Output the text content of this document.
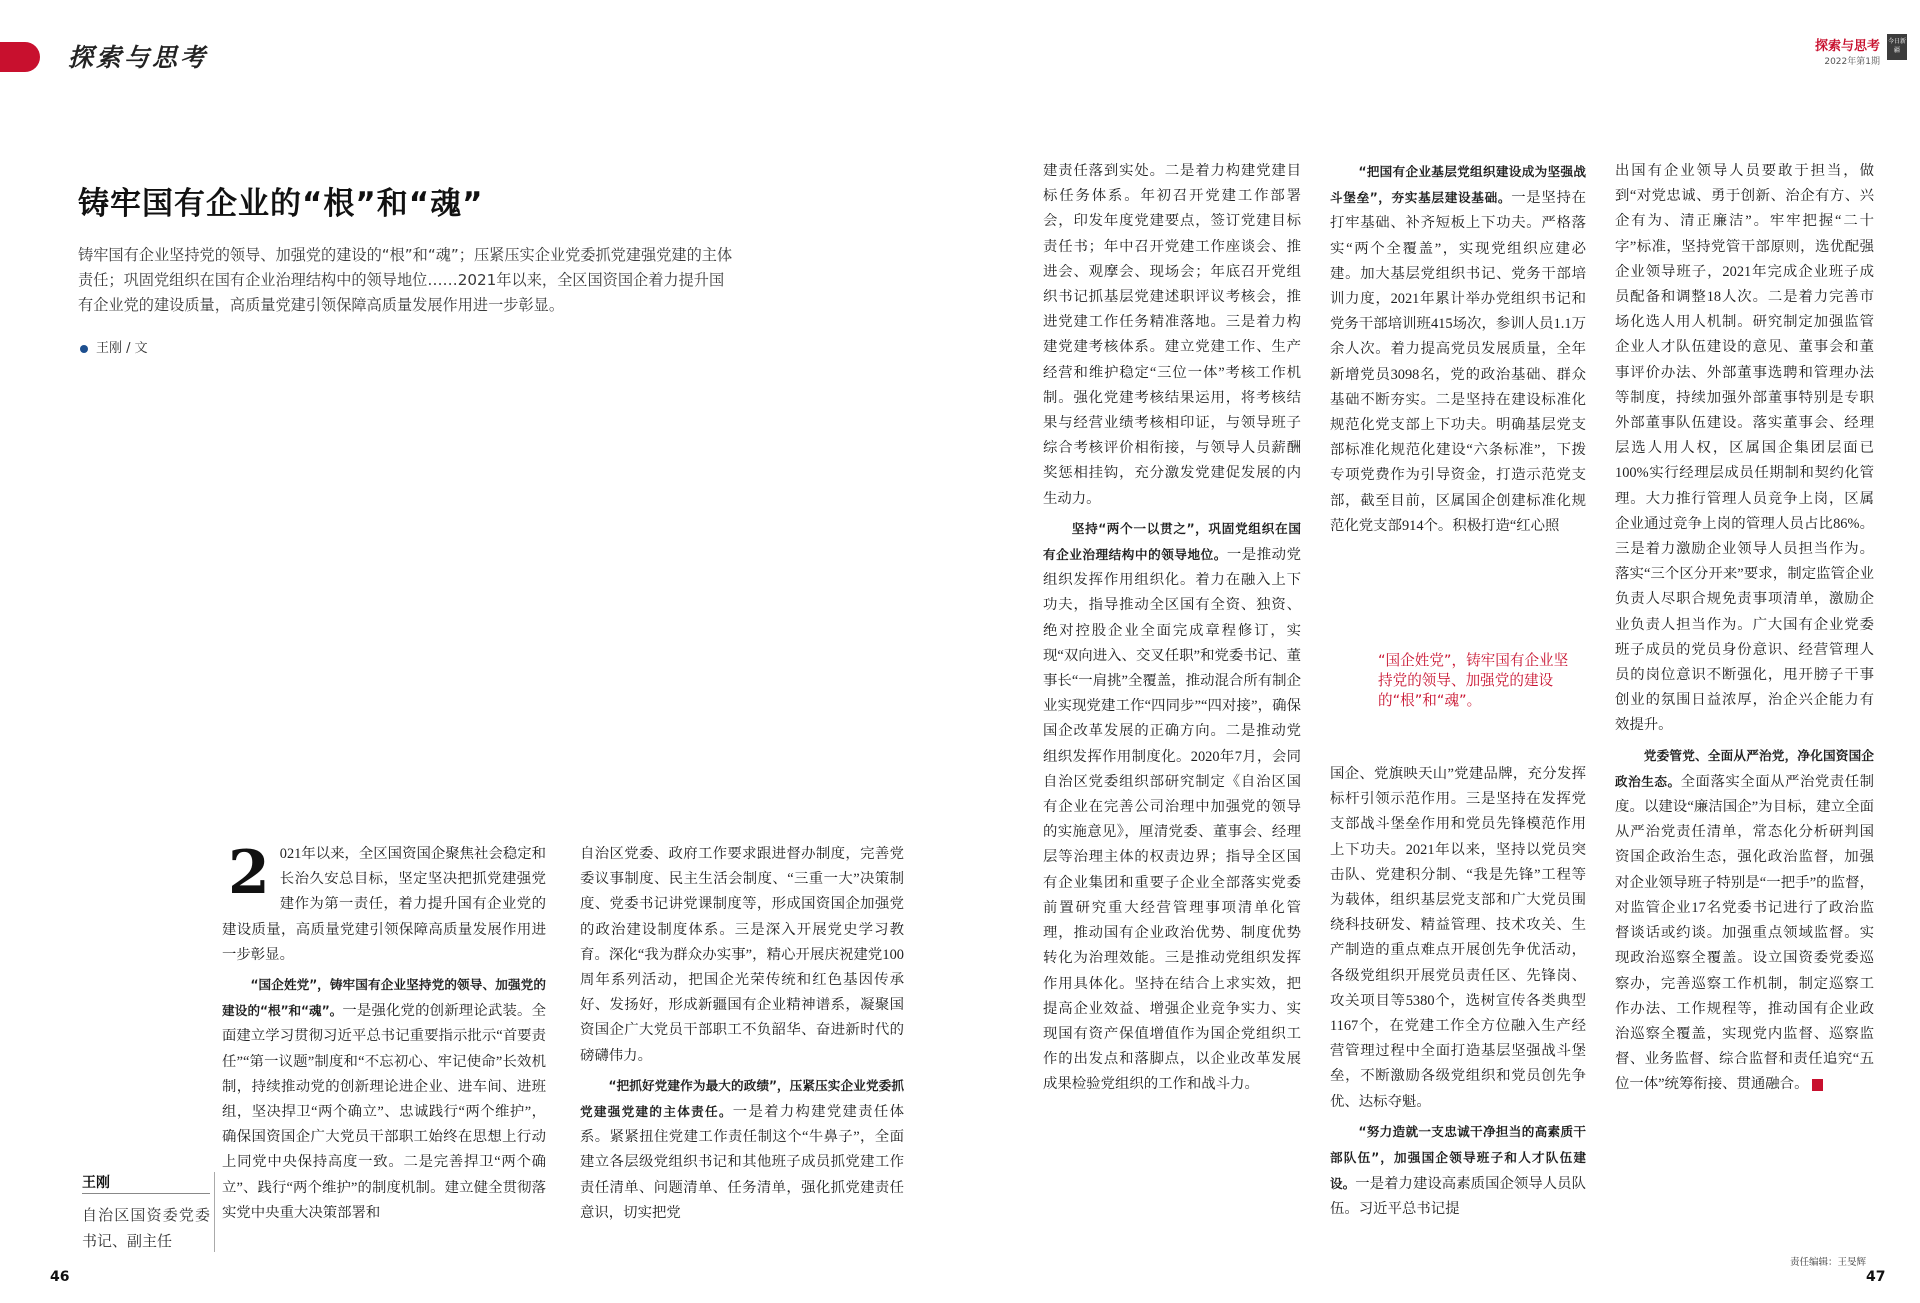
探索与思考	探索与思考
2022年第1期
今日新疆
铸牢国有企业的“根”和“魂”
铸牢国有企业坚持党的领导、加强党的建设的“根”和“魂”；压紧压实企业党委抓党建强党建的主体责任；巩固党组织在国有企业治理结构中的领导地位……2021年以来，全区国资国企着力提升国有企业党的建设质量，高质量党建引领保障高质量发展作用进一步彰显。
王刚 / 文

2 021年以来，全区国资国企聚焦社会稳定和长治久安总目标，坚定坚决把抓党建强党建作为第一责任，着力提升国有企业党的建设质量，高质量党建引领保障高质量发展作用进一步彰显。

“国企姓党”，铸牢国有企业坚持党的领导、加强党的建设的“根”和“魂”。一是强化党的创新理论武装。全面建立学习贯彻习近平总书记重要指示批示“首要责任”“第一议题”制度和“不忘初心、牢记使命”长效机制，持续推动党的创新理论进企业、进车间、进班组，坚决捍卫“两个确立”、忠诚践行“两个维护”，确保国资国企广大党员干部职工始终在思想上行动上同党中央保持高度一致。二是完善捍卫“两个确立”、践行“两个维护”的制度机制。建立健全贯彻落实党中央重大决策部署和

自治区党委、政府工作要求跟进督办制度，完善党委议事制度、民主生活会制度、“三重一大”决策制度、党委书记讲党课制度等，形成国资国企加强党的政治建设制度体系。三是深入开展党史学习教育。深化“我为群众办实事”，精心开展庆祝建党100周年系列活动，把国企光荣传统和红色基因传承好、发扬好，形成新疆国有企业精神谱系，凝聚国资国企广大党员干部职工不负韶华、奋进新时代的磅礴伟力。

“把抓好党建作为最大的政绩”，压紧压实企业党委抓党建强党建的主体责任。一是着力构建党建责任体系。紧紧扭住党建工作责任制这个“牛鼻子”，全面建立各层级党组织书记和其他班子成员抓党建工作责任清单、问题清单、任务清单，强化抓党建责任意识，切实把党

建责任落到实处。二是着力构建党建目标任务体系。年初召开党建工作部署会，印发年度党建要点，签订党建目标责任书；年中召开党建工作座谈会、推进会、观摩会、现场会；年底召开党组织书记抓基层党建述职评议考核会，推进党建工作任务精准落地。三是着力构建党建考核体系。建立党建工作、生产经营和维护稳定“三位一体”考核工作机制。强化党建考核结果运用，将考核结果与经营业绩考核相印证，与领导班子综合考核评价相衔接，与领导人员薪酬奖惩相挂钩，充分激发党建促发展的内生动力。

坚持“两个一以贯之”，巩固党组织在国有企业治理结构中的领导地位。一是推动党组织发挥作用组织化。着力在融入上下功夫，指导推动全区国有全资、独资、绝对控股企业全面完成章程修订，实现“双向进入、交叉任职”和党委书记、董事长“一肩挑”全覆盖，推动混合所有制企业实现党建工作“四同步”“四对接”，确保国企改革发展的正确方向。二是推动党组织发挥作用制度化。2020年7月，会同自治区党委组织部研究制定《自治区国有企业在完善公司治理中加强党的领导的实施意见》，厘清党委、董事会、经理层等治理主体的权责边界；指导全区国有企业集团和重要子企业全部落实党委前置研究重大经营管理事项清单化管理，推动国有企业政治优势、制度优势转化为治理效能。三是推动党组织发挥作用具体化。坚持在结合上求实效，把提高企业效益、增强企业竞争实力、实现国有资产保值增值作为国企党组织工作的出发点和落脚点，以企业改革发展成果检验党组织的工作和战斗力。

“把国有企业基层党组织建设成为坚强战斗堡垒”，夯实基层建设基础。一是坚持在打牢基础、补齐短板上下功夫。严格落实“两个全覆盖”，实现党组织应建必建。加大基层党组织书记、党务干部培训力度，2021年累计举办党组织书记和党务干部培训班415场次，参训人员1.1万余人次。着力提高党员发展质量，全年新增党员3098名，党的政治基础、群众基础不断夯实。二是坚持在建设标准化规范化党支部上下功夫。明确基层党支部标准化规范化建设“六条标准”，下拨专项党费作为引导资金，打造示范党支部，截至目前，区属国企创建标准化规范化党支部914个。积极打造“红心照

“国企姓党”，铸牢国有企业坚持党的领导、加强党的建设的“根”和“魂”。

国企、党旗映天山”党建品牌，充分发挥标杆引领示范作用。三是坚持在发挥党支部战斗堡垒作用和党员先锋模范作用上下功夫。2021年以来，坚持以党员突击队、党建积分制、“我是先锋”工程等为载体，组织基层党支部和广大党员围绕科技研发、精益管理、技术攻关、生产制造的重点难点开展创先争优活动，各级党组织开展党员责任区、先锋岗、攻关项目等5380个，选树宣传各类典型1167个，在党建工作全方位融入生产经营管理过程中全面打造基层坚强战斗堡垒，不断激励各级党组织和党员创先争优、达标夺魁。

“努力造就一支忠诚干净担当的高素质干部队伍”，加强国企领导班子和人才队伍建设。一是着力建设高素质国企领导人员队伍。习近平总书记提

出国有企业领导人员要敢于担当，做到“对党忠诚、勇于创新、治企有方、兴企有为、清正廉洁”。牢牢把握“二十字”标准，坚持党管干部原则，选优配强企业领导班子，2021年完成企业班子成员配备和调整18人次。二是着力完善市场化选人用人机制。研究制定加强监管企业人才队伍建设的意见、董事会和董事评价办法、外部董事选聘和管理办法等制度，持续加强外部董事特别是专职外部董事队伍建设。落实董事会、经理层选人用人权，区属国企集团层面已100%实行经理层成员任期制和契约化管理。大力推行管理人员竞争上岗，区属企业通过竞争上岗的管理人员占比86%。三是着力激励企业领导人员担当作为。落实“三个区分开来”要求，制定监管企业负责人尽职合规免责事项清单，激励企业负责人担当作为。广大国有企业党委班子成员的党员身份意识、经营管理人员的岗位意识不断强化，甩开膀子干事创业的氛围日益浓厚，治企兴企能力有效提升。

党委管党、全面从严治党，净化国资国企政治生态。全面落实全面从严治党责任制度。以建设“廉洁国企”为目标，建立全面从严治党责任清单，常态化分析研判国资国企政治生态，强化政治监督，加强对企业领导班子特别是“一把手”的监督，对监管企业17名党委书记进行了政治监督谈话或约谈。加强重点领域监督。实现政治巡察全覆盖。设立国资委党委巡察办，完善巡察工作机制，制定巡察工作办法、工作规程等，推动国有企业政治巡察全覆盖，实现党内监督、巡察监督、业务监督、综合监督和责任追究“五位一体”统筹衔接、贯通融合。

王刚
自治区国资委党委书记、副主任
46
责任编辑：王旻辉
47
